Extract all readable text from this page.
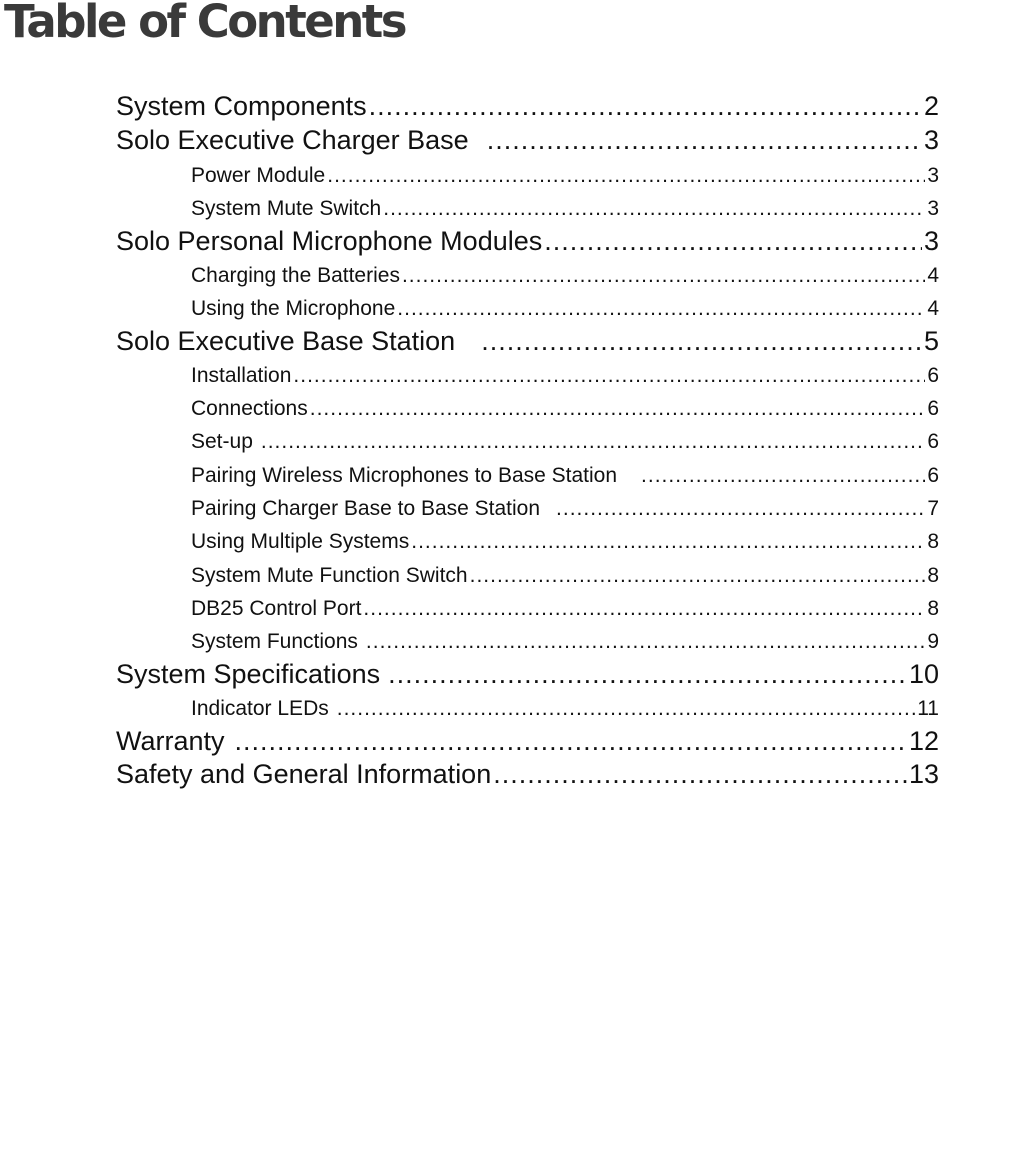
Table of Contents
System Components .....	2
Solo Executive Charger Base .....	3
Power Module .....	3
System Mute Switch .....	3
Solo Personal Microphone Modules .....	3
Charging the Batteries .....	4
Using the Microphone .....	4
Solo Executive Base Station .....	5
Installation .....	6
Connections .....	6
Set-up .....	6
Pairing Wireless Microphones to Base Station .....	6
Pairing Charger Base to Base Station .....	7
Using Multiple Systems .....	8
System Mute Function Switch .....	8
DB25 Control Port .....	8
System Functions .....	9
System Specifications .....	10
Indicator LEDs .....	11
Warranty .....	12
Safety and General Information .....	13
